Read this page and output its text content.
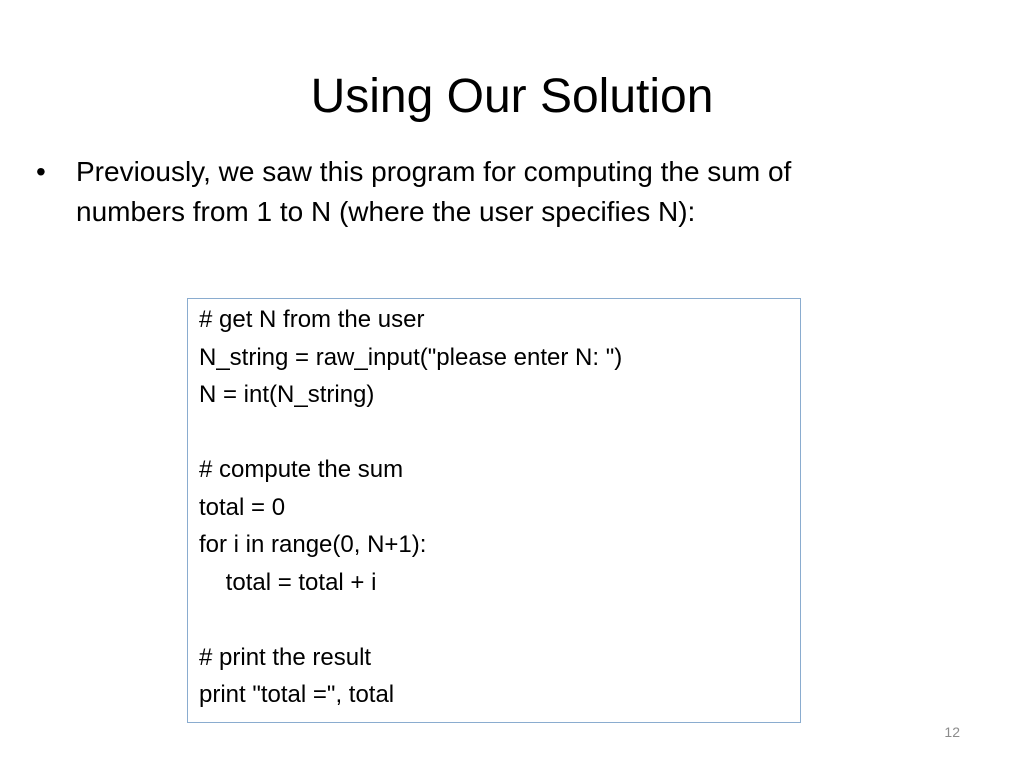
Using Our Solution
• Previously, we saw this program for computing the sum of
numbers from 1 to N (where the user specifies N):
# get N from the user
N_string = raw_input("please enter N: ")
N = int(N_string)
# compute the sum
total = 0
for i in range(0, N+1):
total = total + i
# print the result
print "total =", total
12
